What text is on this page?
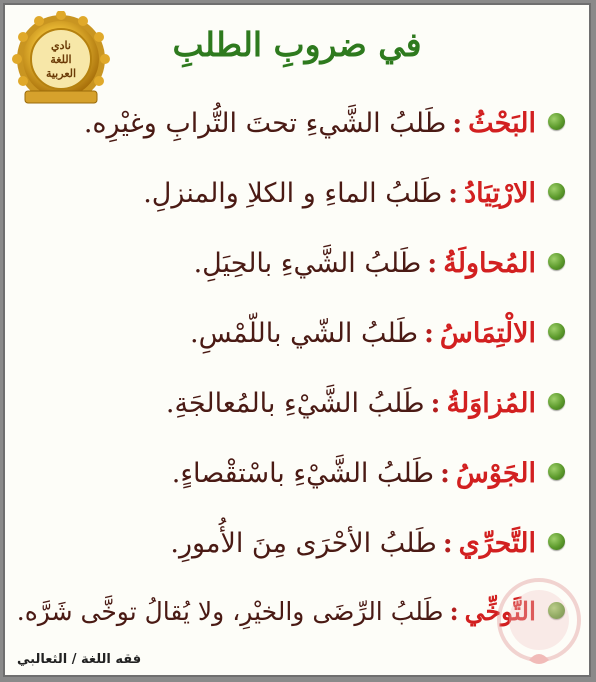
نادي
اللغة
العربية
في ضروبِ الطلبِ
البَحْثُ:طَلبُ الشَّيءِ تحتَ التُّرابِ وغيْرِه.
الارْتِيَادُ:طَلبُ الماءِ و الكلاِ والمنزلِ.
المُحاولَةُ:طَلبُ الشَّيءِ بالحِيَلِ.
الالْتِمَاسُ:طَلبُ الشّي باللّمْسِ.
المُزاوَلةُ:طَلبُ الشَّيْءِ بالمُعالجَةِ.
الجَوْسُ:طَلبُ الشَّيْءِ باسْتقْصاءٍ.
التَّحرِّي:طَلبُ الأحْرَى مِنَ الأُمورِ.
التَّوخِّي:طَلبُ الرِّضَى والخيْرِ، ولا يُقالُ توخَّى شَرَّه.
فقه اللغة / الثعالبي
